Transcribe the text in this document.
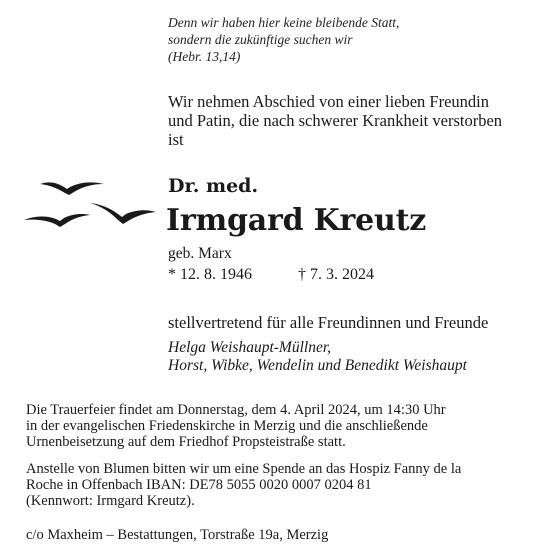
Denn wir haben hier keine bleibende Statt,
sondern die zukünftige suchen wir
(Hebr. 13,14)
Wir nehmen Abschied von einer lieben Freundin
und Patin, die nach schwerer Krankheit verstorben
ist
Dr. med.
Irmgard Kreutz
geb. Marx
* 12. 8. 1946	† 7. 3. 2024
stellvertretend für alle Freundinnen und Freunde
Helga Weishaupt-Müllner,
Horst, Wibke, Wendelin und Benedikt Weishaupt
Die Trauerfeier findet am Donnerstag, dem 4. April 2024, um 14:30 Uhr
in der evangelischen Friedenskirche in Merzig und die anschließende
Urnenbeisetzung auf dem Friedhof Propsteistraße statt.
Anstelle von Blumen bitten wir um eine Spende an das Hospiz Fanny de la
Roche in Offenbach IBAN: DE78 5055 0020 0007 0204 81
(Kennwort: Irmgard Kreutz).
c/o Maxheim – Bestattungen, Torstraße 19a, Merzig
